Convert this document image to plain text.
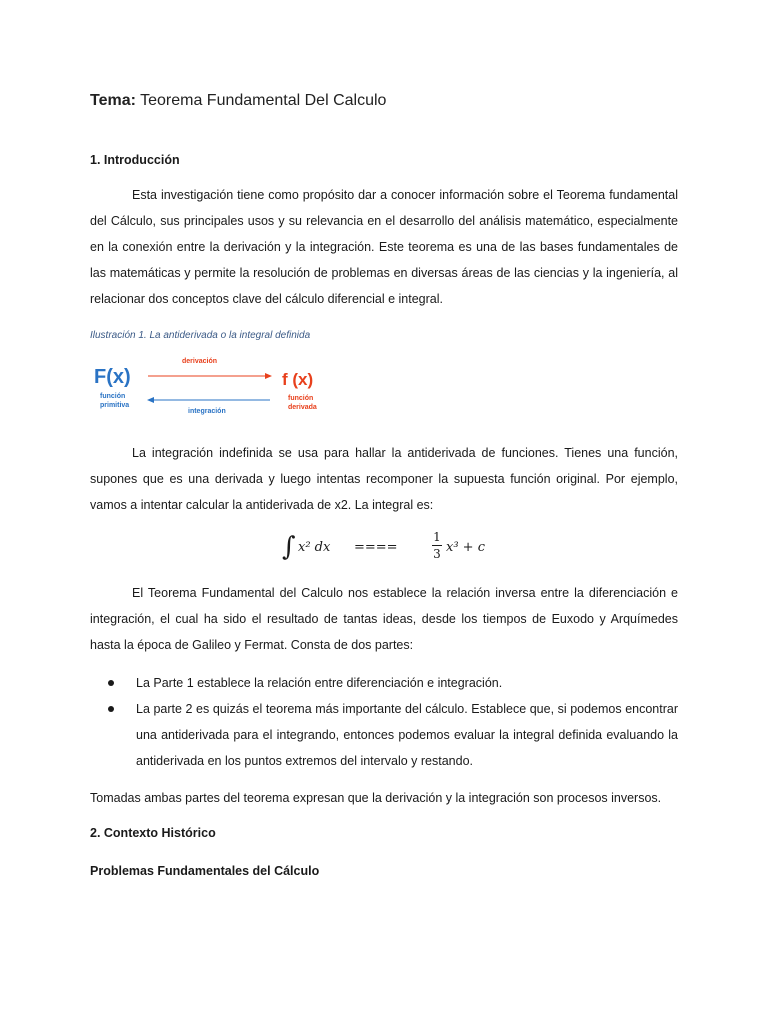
Tema: Teorema Fundamental Del Calculo
1. Introducción

Esta investigación tiene como propósito dar a conocer información sobre el Teorema fundamental del Cálculo, sus principales usos y su relevancia en el desarrollo del análisis matemático, especialmente en la conexión entre la derivación y la integración. Este teorema es una de las bases fundamentales de las matemáticas y permite la resolución de problemas en diversas áreas de las ciencias y la ingeniería, al relacionar dos conceptos clave del cálculo diferencial e integral.

Ilustración 1. La antiderivada o la integral definida
F(x)
función
primitiva
derivación
integración
f (x)
función
derivada

La integración indefinida se usa para hallar la antiderivada de funciones. Tienes una función, supones que es una derivada y luego intentas recomponer la supuesta función original. Por ejemplo, vamos a intentar calcular la antiderivada de x2. La integral es:

∫ x² dx ====
1
3 x³ + c

El Teorema Fundamental del Calculo nos establece la relación inversa entre la diferenciación e integración, el cual ha sido el resultado de tantas ideas, desde los tiempos de Euxodo y Arquímedes hasta la época de Galileo y Fermat. Consta de dos partes:

La Parte 1 establece la relación entre diferenciación e integración.
La parte 2 es quizás el teorema más importante del cálculo. Establece que, si podemos encontrar una antiderivada para el integrando, entonces podemos evaluar la integral definida evaluando la antiderivada en los puntos extremos del intervalo y restando.

Tomadas ambas partes del teorema expresan que la derivación y la integración son procesos inversos.

2. Contexto Histórico
Problemas Fundamentales del Cálculo
